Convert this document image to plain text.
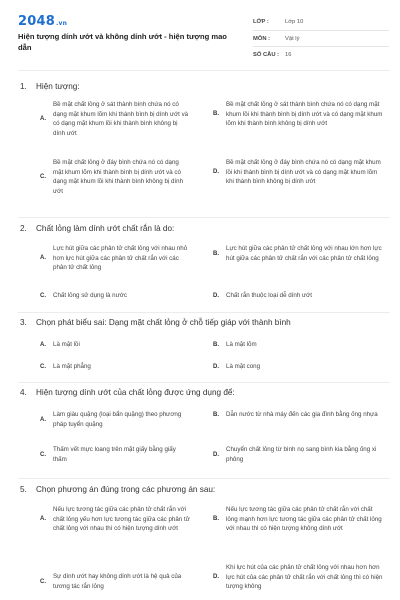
2048.vn
Hiện tượng dính ướt và không dính ướt - hiện tượng mao dẫn
LỚP :	Lớp 10
MÔN :	Vật lý
SỐ CÂU :	16
1. Hiện tượng:
A.
Bề mặt chất lỏng ở sát thành bình chứa nó có dạng mặt khum lõm khi thành bình bị dính ướt và có dạng mặt khum lồi khi thành bình không bị dính ướt
B.
Bề mặt chất lỏng ở sát thành bình chứa nó có dạng mặt khum lồi khi thành bình bị dính ướt và có dạng mặt khum lõm khi thành bình không bị dính ướt
C.
Bề mặt chất lỏng ở đáy bình chứa nó có dạng mặt khum lõm khi thành bình bị dính ướt và có dạng mặt khum lồi khi thành bình không bị dính ướt
D.
Bề mặt chất lỏng ở đáy bình chứa nó có dạng mặt khum lồi khi thành bình bị dính ướt và có dạng mặt khum lõm khi thành bình không bị dính ướt
2. Chất lỏng làm dính ướt chất rắn là do:
A.
Lực hút giữa các phân tử chất lỏng với nhau nhỏ hơn lực hút giữa các phân tử chất rắn với các phân tử chất lỏng
B.
Lực hút giữa các phân tử chất lỏng với nhau lớn hơn lực hút giữa các phân tử chất rắn với các phân tử chất lỏng
C.	Chất lỏng sử dụng là nước	D.	Chất rắn thuộc loại dễ dính ướt
3. Chọn phát biểu sai: Dạng mặt chất lỏng ở chỗ tiếp giáp với thành bình
A.	Là mặt lồi	B.	Là mặt lõm
C.	Là mặt phẳng	D.	Là mặt cong
4. Hiện tượng dính ướt của chất lỏng được ứng dụng để:
A.
Làm giàu quặng (loại bẩn quặng) theo phương pháp tuyển quặng
B.	Dẫn nước từ nhà máy đến các gia đình bằng ống nhựa
C.
Thấm vết mực loang trên mặt giấy bằng giấy thấm
D.
Chuyển chất lỏng từ bình nọ sang bình kia bằng ống xi phông
5. Chọn phương án đúng trong các phương án sau:
A.
Nếu lực tương tác giữa các phân tử chất rắn với chất lỏng yếu hơn lực tương tác giữa các phân tử chất lỏng với nhau thì có hiện tượng dính ướt
B.
Nếu lực tương tác giữa các phân tử chất rắn với chất lỏng mạnh hơn lực tương tác giữa các phân tử chất lỏng với nhau thì có hiện tượng không dính ướt
C.
Sự dính ướt hay không dính ướt là hệ quả của tương tác rắn lỏng
D.
Khi lực hút của các phân tử chất lỏng với nhau hơn hơn lực hút của các phân tử chất rắn với chất lỏng thì có hiện tượng không
